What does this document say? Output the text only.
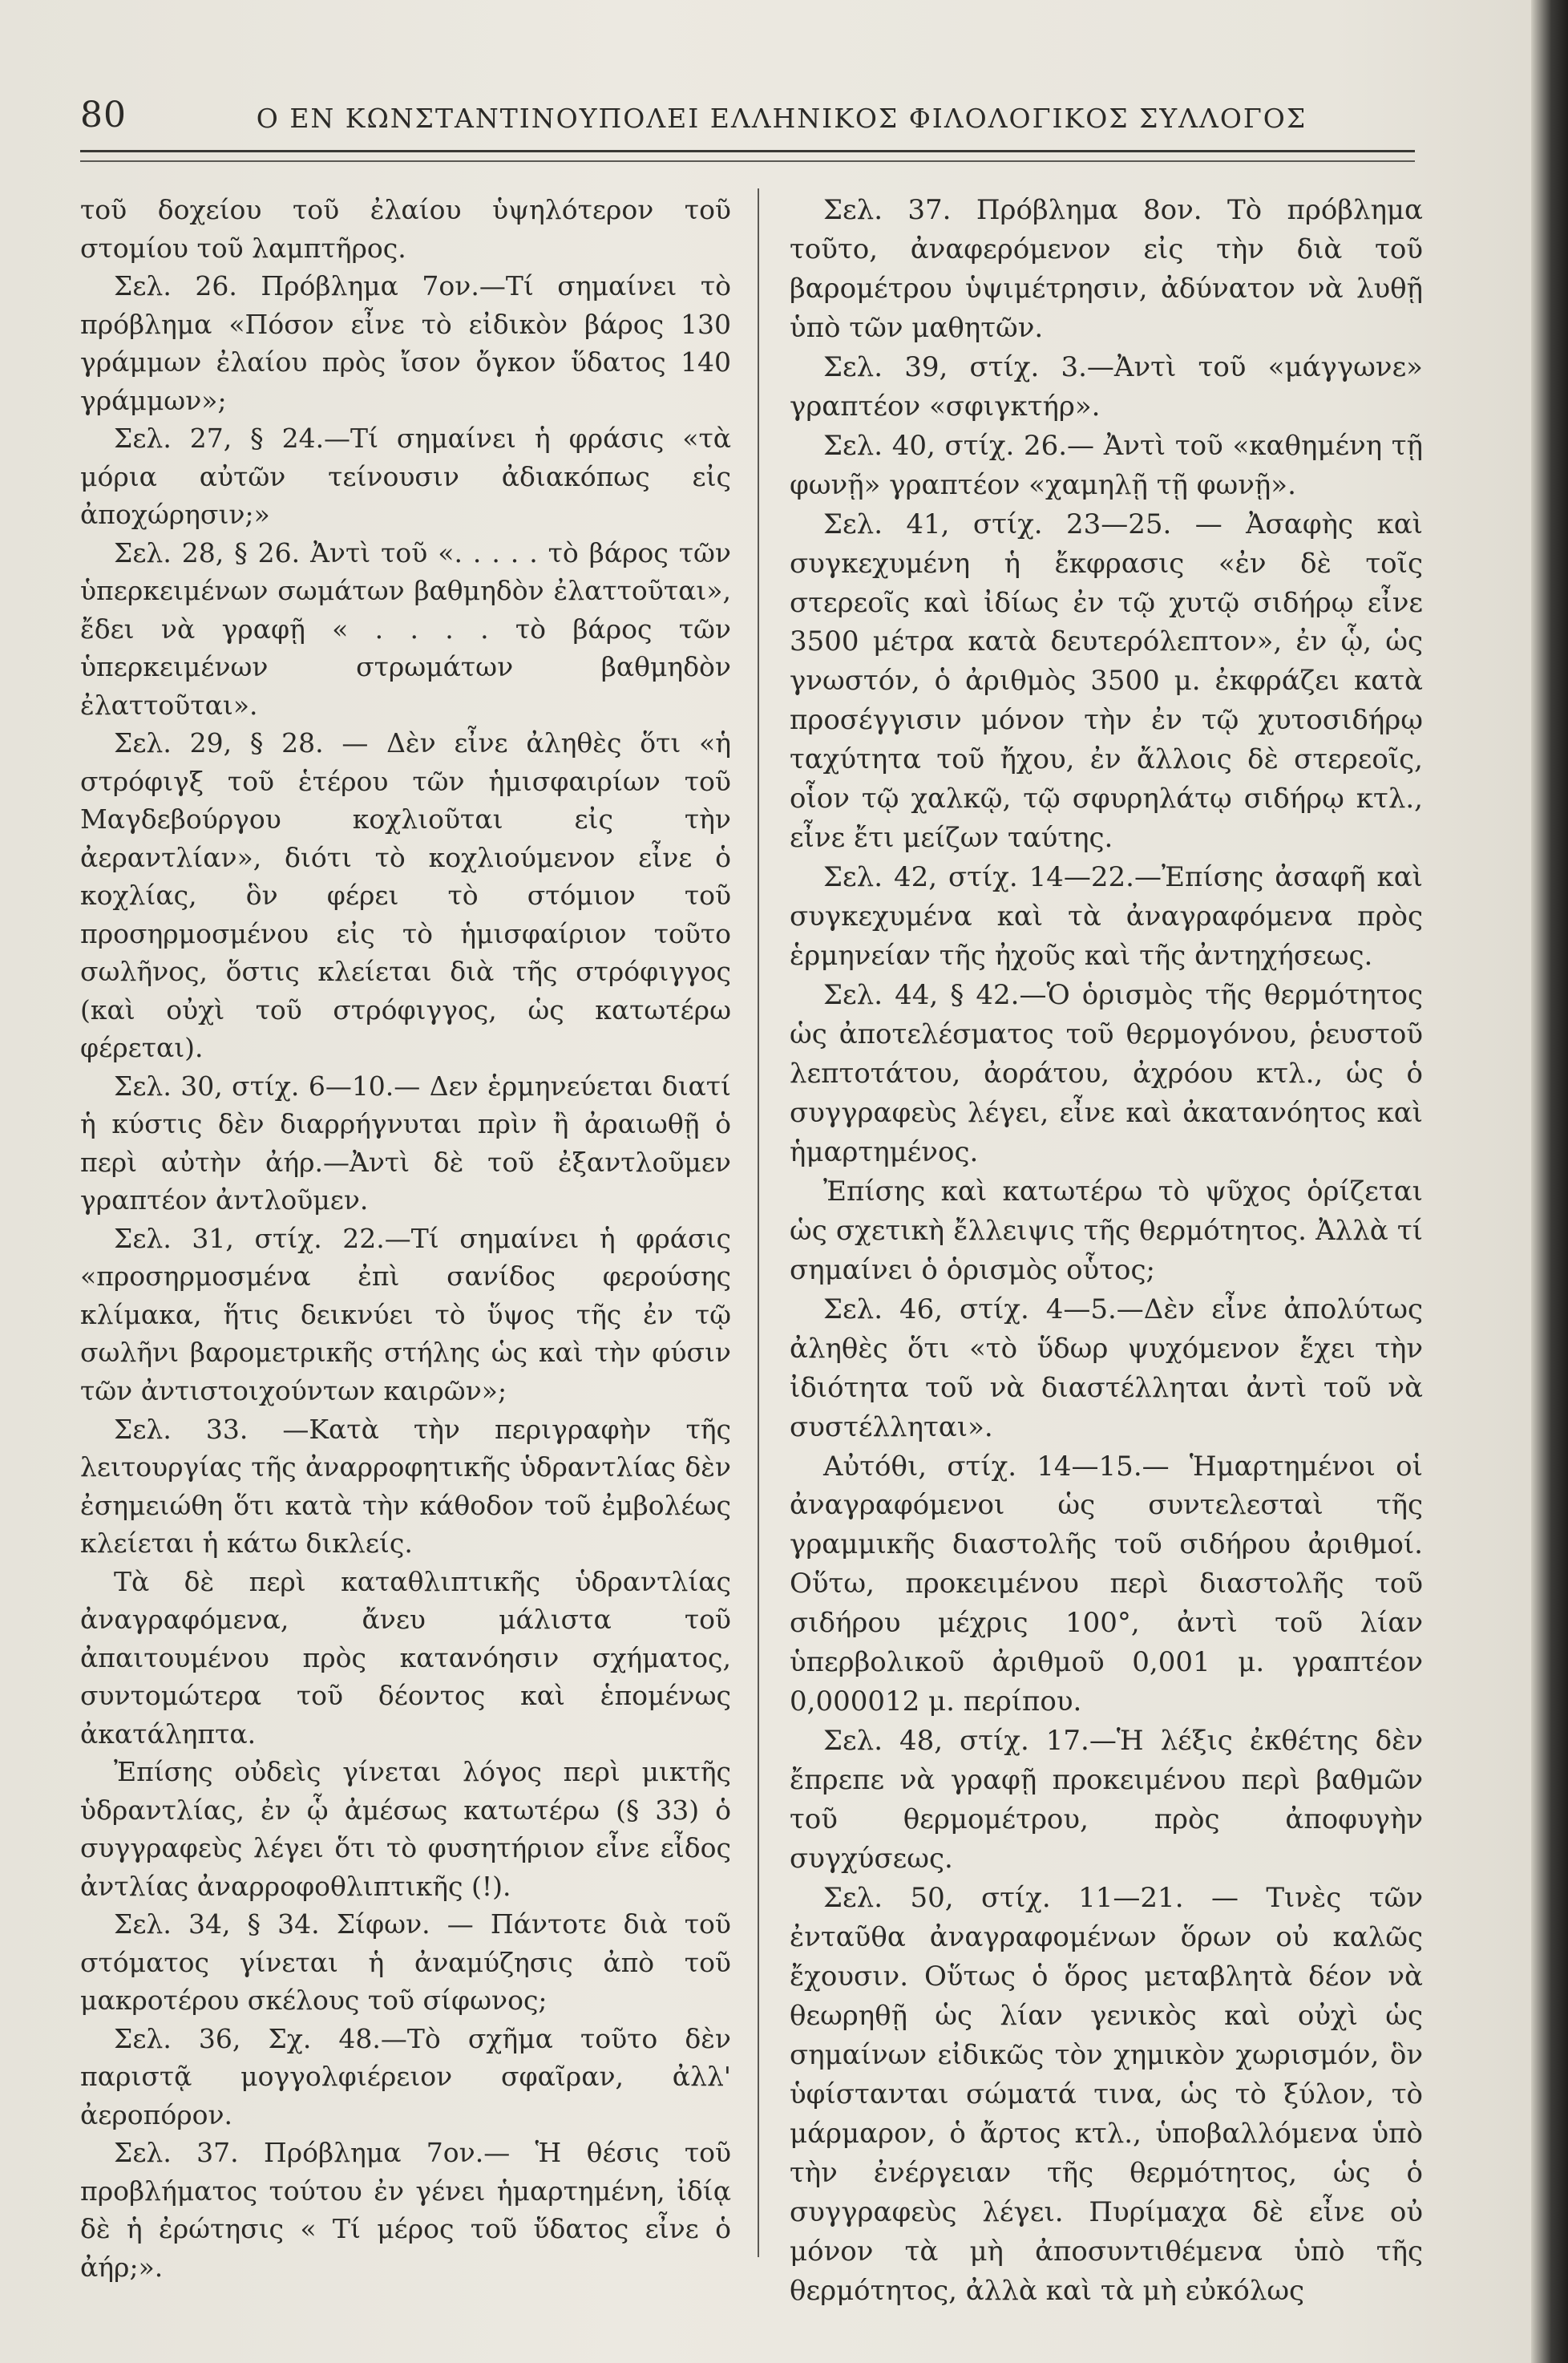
80	Ο ΕΝ ΚΩΝΣΤΑΝΤΙΝΟΥΠΟΛΕΙ ΕΛΛΗΝΙΚΟΣ ΦΙΛΟΛΟΓΙΚΟΣ ΣΥΛΛΟΓΟΣ

τοῦ δοχείου τοῦ ἐλαίου ὑψηλότερον τοῦ στομίου τοῦ λαμπτῆρος.

Σελ. 26. Πρόβλημα 7ον.—Τί σημαίνει τὸ πρόβλημα «Πόσον εἶνε τὸ εἰδικὸν βάρος 130 γράμμων ἐλαίου πρὸς ἴσον ὄγκον ὕδατος 140 γράμμων»;

Σελ. 27, § 24.—Τί σημαίνει ἡ φράσις «τὰ μόρια αὐτῶν τείνουσιν ἀδιακόπως εἰς ἀποχώρησιν;»

Σελ. 28, § 26. Ἀντὶ τοῦ «. . . . . τὸ βάρος τῶν ὑπερκειμένων σωμάτων βαθμηδὸν ἐλαττοῦται», ἔδει νὰ γραφῇ « . . . . τὸ βάρος τῶν ὑπερκειμένων στρωμάτων βαθμηδὸν ἐλαττοῦται».

Σελ. 29, § 28. — Δὲν εἶνε ἀληθὲς ὅτι «ἡ στρόφιγξ τοῦ ἑτέρου τῶν ἡμισφαιρίων τοῦ Μαγδεβούργου κοχλιοῦται εἰς τὴν ἀεραντλίαν», διότι τὸ κοχλιούμενον εἶνε ὁ κοχλίας, ὃν φέρει τὸ στόμιον τοῦ προσηρμοσμένου εἰς τὸ ἡμισφαίριον τοῦτο σωλῆνος, ὅστις κλείεται διὰ τῆς στρόφιγγος (καὶ οὐχὶ τοῦ στρόφιγγος, ὡς κατωτέρω φέρεται).

Σελ. 30, στίχ. 6—10.— Δεν ἑρμηνεύεται διατί ἡ κύστις δὲν διαρρήγνυται πρὶν ἢ ἀραιωθῇ ὁ περὶ αὐτὴν ἀήρ.—Ἀντὶ δὲ τοῦ ἐξαντλοῦμεν γραπτέον ἀντλοῦμεν.

Σελ. 31, στίχ. 22.—Τί σημαίνει ἡ φράσις «προσηρμοσμένα ἐπὶ σανίδος φερούσης κλίμακα, ἥτις δεικνύει τὸ ὕψος τῆς ἐν τῷ σωλῆνι βαρομετρικῆς στήλης ὡς καὶ τὴν φύσιν τῶν ἀντιστοιχούντων καιρῶν»;

Σελ. 33. —Κατὰ τὴν περιγραφὴν τῆς λειτουργίας τῆς ἀναρροφητικῆς ὑδραντλίας δὲν ἐσημειώθη ὅτι κατὰ τὴν κάθοδον τοῦ ἐμβολέως κλείεται ἡ κάτω δικλείς.

Τὰ δὲ περὶ καταθλιπτικῆς ὑδραντλίας ἀναγραφόμενα, ἄνευ μάλιστα τοῦ ἀπαιτουμένου πρὸς κατανόησιν σχήματος, συντομώτερα τοῦ δέοντος καὶ ἑπομένως ἀκατάληπτα.

Ἐπίσης οὐδεὶς γίνεται λόγος περὶ μικτῆς ὑδραντλίας, ἐν ᾧ ἀμέσως κατωτέρω (§ 33) ὁ συγγραφεὺς λέγει ὅτι τὸ φυσητήριον εἶνε εἶδος ἀντλίας ἀναρροφοθλιπτικῆς (!).

Σελ. 34, § 34. Σίφων. — Πάντοτε διὰ τοῦ στόματος γίνεται ἡ ἀναμύζησις ἀπὸ τοῦ μακροτέρου σκέλους τοῦ σίφωνος;

Σελ. 36, Σχ. 48.—Τὸ σχῆμα τοῦτο δὲν παριστᾷ μογγολφιέρειον σφαῖραν, ἀλλ' ἀεροπόρον.

Σελ. 37. Πρόβλημα 7ον.— Ἡ θέσις τοῦ προβλήματος τούτου ἐν γένει ἡμαρτημένη, ἰδίᾳ δὲ ἡ ἐρώτησις « Τί μέρος τοῦ ὕδατος εἶνε ὁ ἀήρ;».

Σελ. 37. Πρόβλημα 8ον. Τὸ πρόβλημα τοῦτο, ἀναφερόμενον εἰς τὴν διὰ τοῦ βαρομέτρου ὑψιμέτρησιν, ἀδύνατον νὰ λυθῇ ὑπὸ τῶν μαθητῶν.

Σελ. 39, στίχ. 3.—Ἀντὶ τοῦ «μάγγωνε» γραπτέον «σφιγκτήρ».

Σελ. 40, στίχ. 26.— Ἀντὶ τοῦ «καθημένη τῇ φωνῇ» γραπτέον «χαμηλῇ τῇ φωνῇ».

Σελ. 41, στίχ. 23—25. — Ἀσαφὴς καὶ συγκεχυμένη ἡ ἔκφρασις «ἐν δὲ τοῖς στερεοῖς καὶ ἰδίως ἐν τῷ χυτῷ σιδήρῳ εἶνε 3500 μέτρα κατὰ δευτερόλεπτον», ἐν ᾧ, ὡς γνωστόν, ὁ ἀριθμὸς 3500 μ. ἐκφράζει κατὰ προσέγγισιν μόνον τὴν ἐν τῷ χυτοσιδήρῳ ταχύτητα τοῦ ἤχου, ἐν ἄλλοις δὲ στερεοῖς, οἷον τῷ χαλκῷ, τῷ σφυρηλάτῳ σιδήρῳ κτλ., εἶνε ἔτι μείζων ταύτης.

Σελ. 42, στίχ. 14—22.—Ἐπίσης ἀσαφῆ καὶ συγκεχυμένα καὶ τὰ ἀναγραφόμενα πρὸς ἑρμηνείαν τῆς ἠχοῦς καὶ τῆς ἀντηχήσεως.

Σελ. 44, § 42.—Ὁ ὁρισμὸς τῆς θερμότητος ὡς ἀποτελέσματος τοῦ θερμογόνου, ῥευστοῦ λεπτοτάτου, ἀοράτου, ἀχρόου κτλ., ὡς ὁ συγγραφεὺς λέγει, εἶνε καὶ ἀκατανόητος καὶ ἡμαρτημένος.

Ἐπίσης καὶ κατωτέρω τὸ ψῦχος ὁρίζεται ὡς σχετικὴ ἔλλειψις τῆς θερμότητος. Ἀλλὰ τί σημαίνει ὁ ὁρισμὸς οὗτος;

Σελ. 46, στίχ. 4—5.—Δὲν εἶνε ἀπολύτως ἀληθὲς ὅτι «τὸ ὕδωρ ψυχόμενον ἔχει τὴν ἰδιότητα τοῦ νὰ διαστέλληται ἀντὶ τοῦ νὰ συστέλληται».

Αὐτόθι, στίχ. 14—15.— Ἡμαρτημένοι οἱ ἀναγραφόμενοι ὡς συντελεσταὶ τῆς γραμμικῆς διαστολῆς τοῦ σιδήρου ἀριθμοί. Οὕτω, προκειμένου περὶ διαστολῆς τοῦ σιδήρου μέχρις 100°, ἀντὶ τοῦ λίαν ὑπερβολικοῦ ἀριθμοῦ 0,001 μ. γραπτέον 0,000012 μ. περίπου.

Σελ. 48, στίχ. 17.—Ἡ λέξις ἐκθέτης δὲν ἔπρεπε νὰ γραφῇ προκειμένου περὶ βαθμῶν τοῦ θερμομέτρου, πρὸς ἀποφυγὴν συγχύσεως.

Σελ. 50, στίχ. 11—21. — Τινὲς τῶν ἐνταῦθα ἀναγραφομένων ὅρων οὐ καλῶς ἔχουσιν. Οὕτως ὁ ὅρος μεταβλητὰ δέον νὰ θεωρηθῇ ὡς λίαν γενικὸς καὶ οὐχὶ ὡς σημαίνων εἰδικῶς τὸν χημικὸν χωρισμόν, ὃν ὑφίστανται σώματά τινα, ὡς τὸ ξύλον, τὸ μάρμαρον, ὁ ἄρτος κτλ., ὑποβαλλόμενα ὑπὸ τὴν ἐνέργειαν τῆς θερμότητος, ὡς ὁ συγγραφεὺς λέγει. Πυρίμαχα δὲ εἶνε οὐ μόνον τὰ μὴ ἀποσυντιθέμενα ὑπὸ τῆς θερμότητος, ἀλλὰ καὶ τὰ μὴ εὐκόλως
